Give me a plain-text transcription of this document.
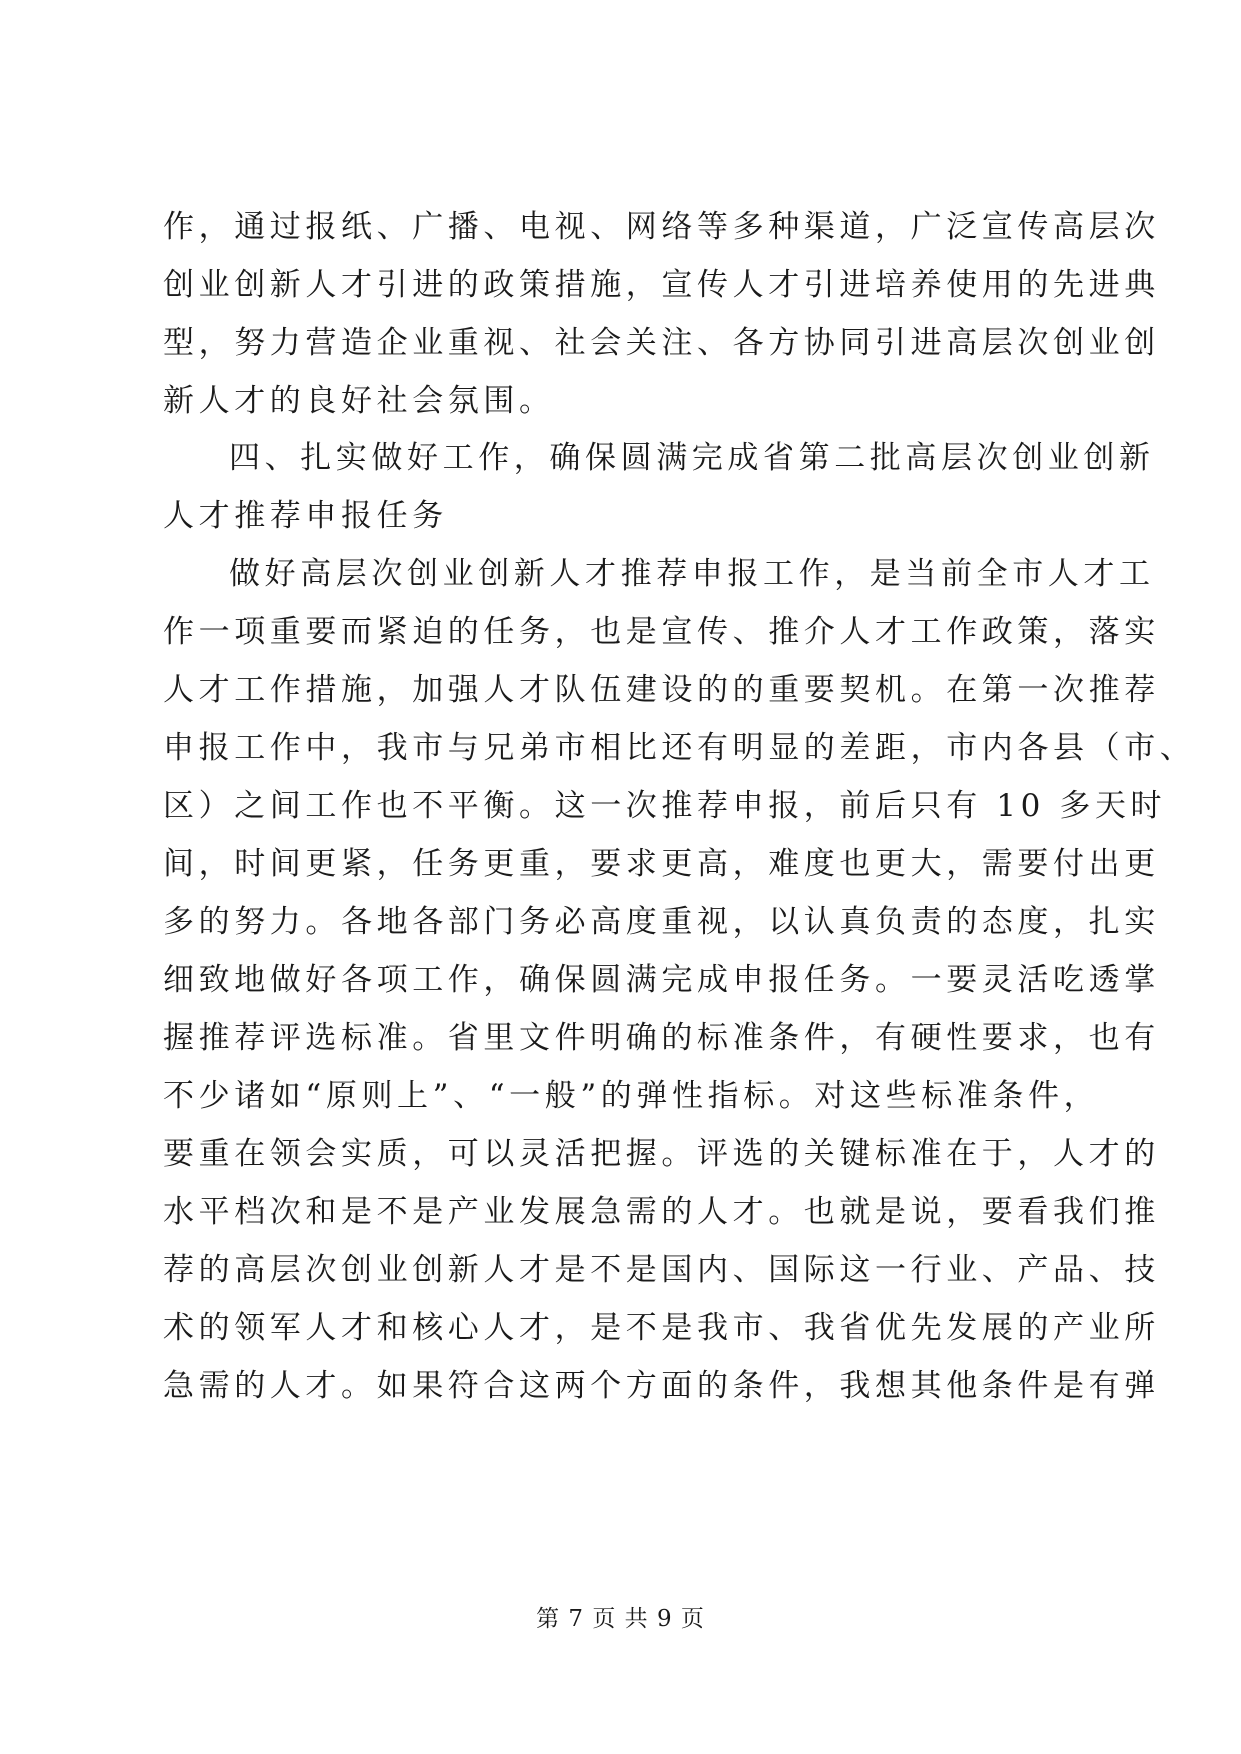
作，通过报纸、广播、电视、网络等多种渠道，广泛宣传高层次
创业创新人才引进的政策措施，宣传人才引进培养使用的先进典
型，努力营造企业重视、社会关注、各方协同引进高层次创业创
新人才的良好社会氛围。
四、扎实做好工作，确保圆满完成省第二批高层次创业创新
人才推荐申报任务
做好高层次创业创新人才推荐申报工作，是当前全市人才工
作一项重要而紧迫的任务，也是宣传、推介人才工作政策，落实
人才工作措施，加强人才队伍建设的的重要契机。在第一次推荐
申报工作中，我市与兄弟市相比还有明显的差距，市内各县（市、
区）之间工作也不平衡。这一次推荐申报，前后只有 10 多天时
间，时间更紧，任务更重，要求更高，难度也更大，需要付出更
多的努力。各地各部门务必高度重视，以认真负责的态度，扎实
细致地做好各项工作，确保圆满完成申报任务。一要灵活吃透掌
握推荐评选标准。省里文件明确的标准条件，有硬性要求，也有
不少诸如“原则上”、“一般”的弹性指标。对这些标准条件，
要重在领会实质，可以灵活把握。评选的关键标准在于，人才的
水平档次和是不是产业发展急需的人才。也就是说，要看我们推
荐的高层次创业创新人才是不是国内、国际这一行业、产品、技
术的领军人才和核心人才，是不是我市、我省优先发展的产业所
急需的人才。如果符合这两个方面的条件，我想其他条件是有弹
第 7 页 共 9 页
